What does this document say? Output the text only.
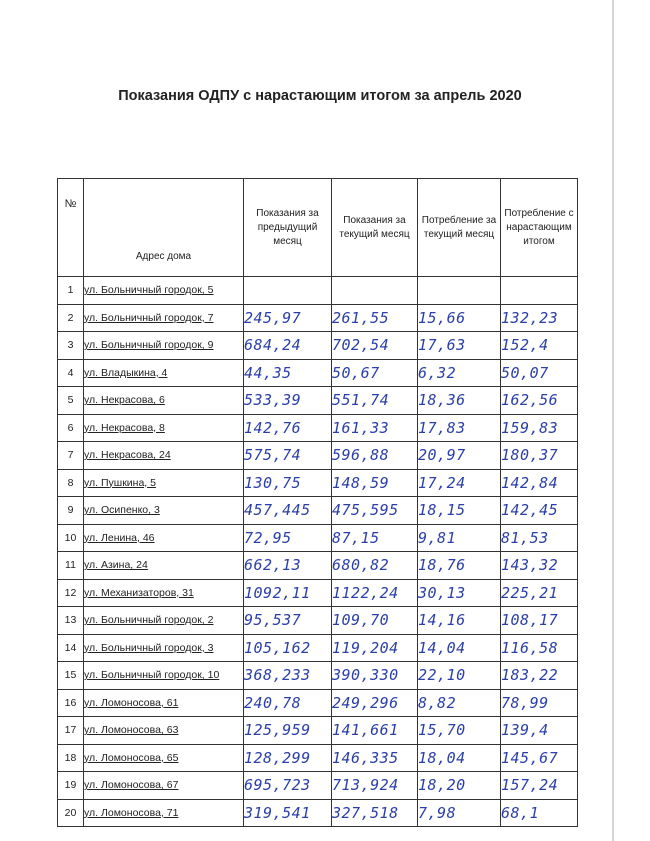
Показания ОДПУ с нарастающим итогом за апрель 2020
№	Адрес дома	Показания за предыдущий месяц	Показания за текущий месяц	Потребление за текущий месяц	Потребление с нарастающим итогом
1	ул. Больничный городок, 5				
2	ул. Больничный городок, 7	245,97	261,55	15,66	132,23
3	ул. Больничный городок, 9	684,24	702,54	17,63	152,4
4	ул. Владыкина, 4	44,35	50,67	6,32	50,07
5	ул. Некрасова, 6	533,39	551,74	18,36	162,56
6	ул. Некрасова, 8	142,76	161,33	17,83	159,83
7	ул. Некрасова, 24	575,74	596,88	20,97	180,37
8	ул. Пушкина, 5	130,75	148,59	17,24	142,84
9	ул. Осипенко, 3	457,445	475,595	18,15	142,45
10	ул. Ленина, 46	72,95	87,15	9,81	81,53
11	ул. Азина, 24	662,13	680,82	18,76	143,32
12	ул. Механизаторов, 31	1092,11	1122,24	30,13	225,21
13	ул. Больничный городок, 2	95,537	109,70	14,16	108,17
14	ул. Больничный городок, 3	105,162	119,204	14,04	116,58
15	ул. Больничный городок, 10	368,233	390,330	22,10	183,22
16	ул. Ломоносова, 61	240,78	249,296	8,82	78,99
17	ул. Ломоносова, 63	125,959	141,661	15,70	139,4
18	ул. Ломоносова, 65	128,299	146,335	18,04	145,67
19	ул. Ломоносова, 67	695,723	713,924	18,20	157,24
20	ул. Ломоносова, 71	319,541	327,518	7,98	68,1
